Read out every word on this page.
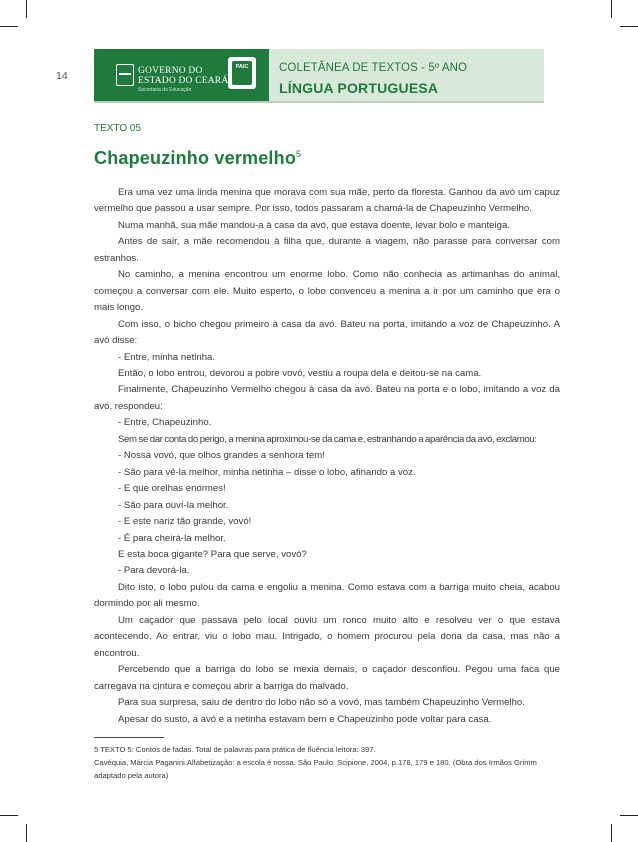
14	GOVERNO DO
ESTADO DO CEARÁ
Secretaria da Educação
PAIC	COLETÂNEA DE TEXTOS - 5º ANO
LÍNGUA PORTUGUESA
TEXTO 05
Chapeuzinho vermelho$^5$

Era uma vez uma linda menina que morava com sua mãe, perto da floresta. Ganhou da avó um capuz vermelho que passou a usar sempre. Por isso, todos passaram a chamá-la de Chapeuzinho Vermelho.

Numa manhã, sua mãe mandou-a à casa da avó, que estava doente, levar bolo e manteiga.

Antes de sair, a mãe recomendou à filha que, durante a viagem, não parasse para conversar com estranhos.

No caminho, a menina encontrou um enorme lobo. Como não conhecia as artimanhas do animal, começou a conversar com ele. Muito esperto, o lobo convenceu a menina a ir por um caminho que era o mais longo.

Com isso, o bicho chegou primeiro à casa da avó. Bateu na porta, imitando a voz de Chapeuzinho. A avó disse:

- Entre, minha netinha.

Então, o lobo entrou, devorou a pobre vovó, vestiu a roupa dela e deitou-se na cama.

Finalmente, Chapeuzinho Vermelho chegou à casa da avó. Bateu na porta e o lobo, imitando a voz da avó, respondeu:

- Entre, Chapeuzinho.

Sem se dar conta do perigo, a menina aproximou-se da cama e, estranhando a aparência da avó, exclamou:

- Nossa vovó, que olhos grandes a senhora tem!

- São para vê-la melhor, minha netinha – disse o lobo, afinando a voz.

- E que orelhas enormes!

- São para ouví-la melhor.

- E este nariz tão grande, vovó!

- É para cheirá-la melhor.

E esta boca gigante? Para que serve, vovó?

- Para devorá-la.

Dito isto, o lobo pulou da cama e engoliu a menina. Como estava com a barriga muito cheia, acabou dormindo por ali mesmo.

Um caçador que passava pelo local ouviu um ronco muito alto e resolveu ver o que estava acontecendo. Ao entrar, viu o lobo mau. Intrigado, o homem procurou pela dona da casa, mas não a encontrou.

Percebendo que a barriga do lobo se mexia demais, o caçador desconfiou. Pegou uma faca que carregava na cintura e começou abrir a barriga do malvado.

Para sua surpresa, saiu de dentro do lobo não só a vovó, mas também Chapeuzinho Vermelho.

Apesar do susto, a avó e a netinha estavam bem e Chapeuzinho pode voltar para casa.

5 TEXTO 5: Contos de fadas. Total de palavras para prática de fluência leitora: 397.

Cavéquia, Márcia Paganini.Alfabetização: a escola é nossa. São Paulo. Scipione, 2004, p.178, 179 e 180. (Obra dos Irmãos Grimm adaptado pela autora)
